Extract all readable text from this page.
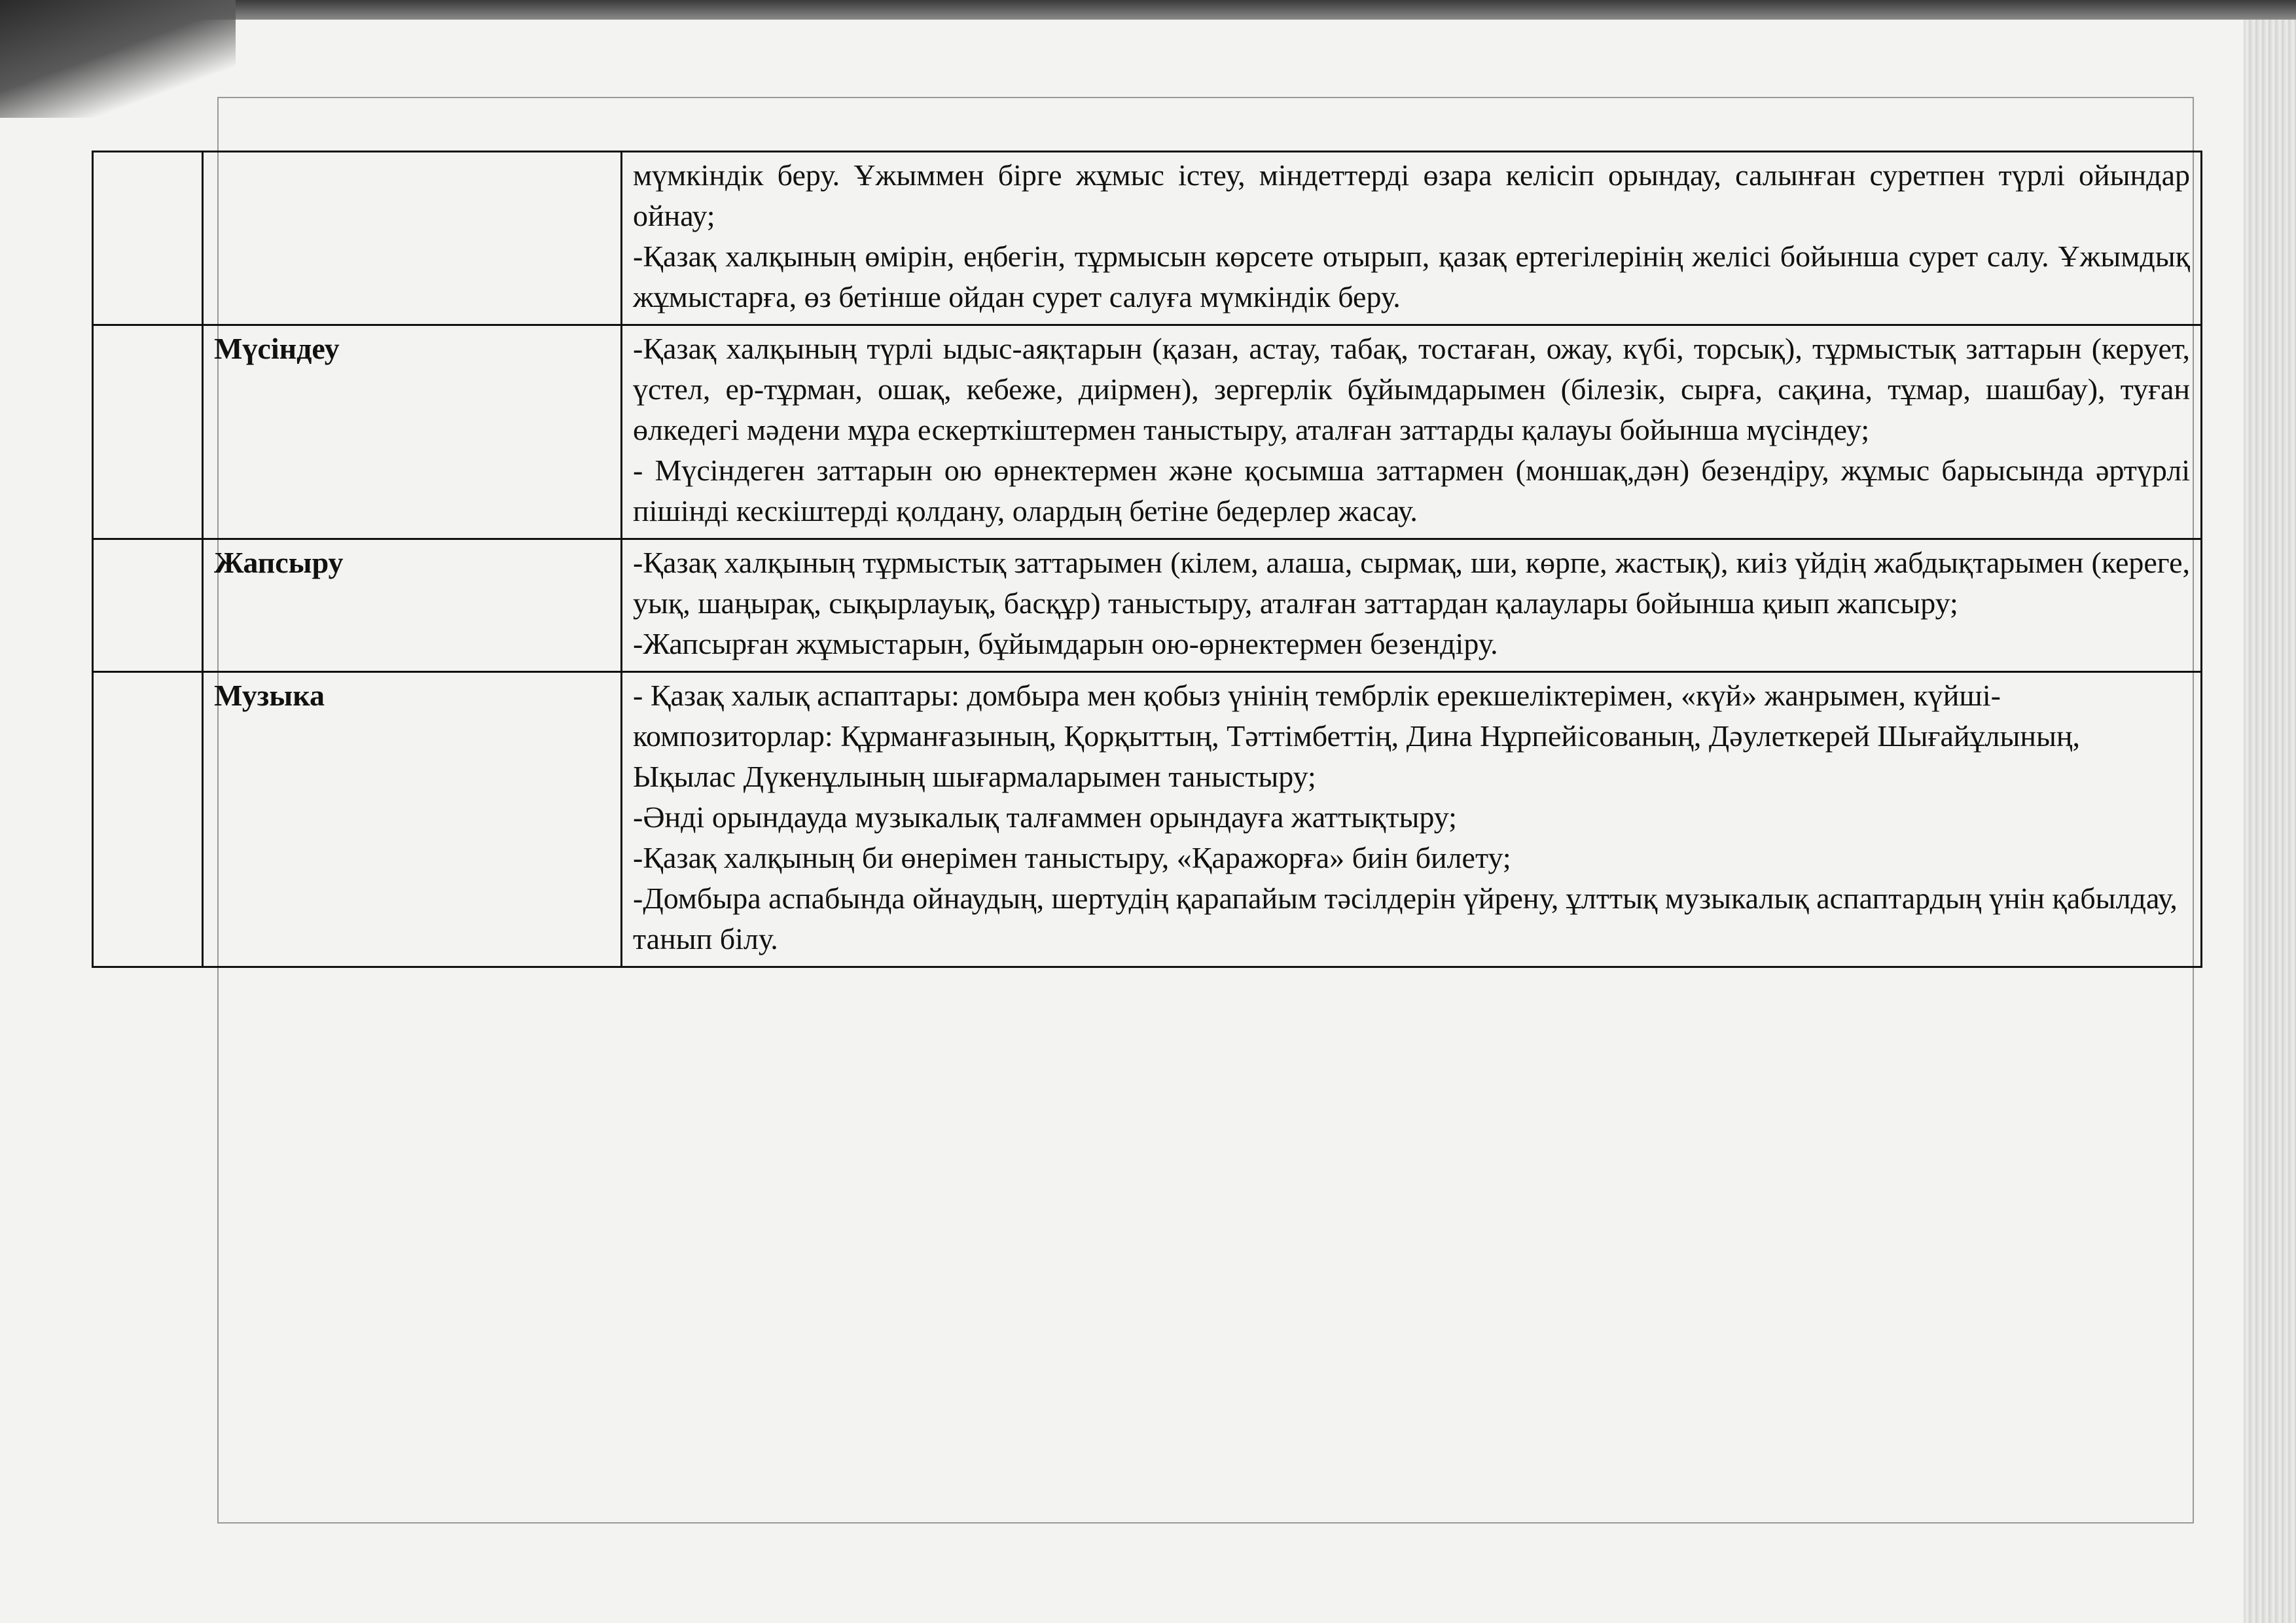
		мүмкіндік беру. Ұжыммен бірге жұмыс істеу, міндеттерді өзара келісіп орындау, салынған суретпен түрлі ойындар ойнау;
-Қазақ халқының өмірін, еңбегін, тұрмысын көрсете отырып, қазақ ертегілерінің желісі бойынша сурет салу. Ұжымдық жұмыстарға, өз бетінше ойдан сурет салуға мүмкіндік беру.

	Мүсіндеу	-Қазақ халқының түрлі ыдыс-аяқтарын (қазан, астау, табақ, тостаған, ожау, күбі, торсық), тұрмыстық заттарын (керует, үстел, ер-тұрман, ошақ, кебеже, диірмен), зергерлік бұйымдарымен (білезік, сырға, сақина, тұмар, шашбау), туған өлкедегі мәдени мұра ескерткіштермен таныстыру, аталған заттарды қалауы бойынша мүсіндеу;
- Мүсіндеген заттарын ою өрнектермен және қосымша заттармен (моншақ,дән) безендіру, жұмыс барысында әртүрлі пішінді кескіштерді қолдану, олардың бетіне бедерлер жасау.

	Жапсыру	-Қазақ халқының тұрмыстық заттарымен (кілем, алаша, сырмақ, ши, көрпе, жастық), киіз үйдің жабдықтарымен (кереге, уық, шаңырақ, сықырлауық, басқұр) таныстыру, аталған заттардан қалаулары бойынша қиып жапсыру;
-Жапсырған жұмыстарын, бұйымдарын ою-өрнектермен безендіру.

	Музыка	- Қазақ халық аспаптары: домбыра мен қобыз үнінің тембрлік ерекшеліктерімен, «күй» жанрымен, күйші-композиторлар: Құрманғазының, Қорқыттың, Тәттімбеттің, Дина Нұрпейісованың, Дәулеткерей Шығайұлының, Ықылас Дүкенұлының шығармаларымен таныстыру;
-Әнді орындауда музыкалық талғаммен орындауға жаттықтыру;
-Қазақ халқының би өнерімен таныстыру, «Қаражорға» биін билету;
-Домбыра аспабында ойнаудың, шертудің қарапайым тәсілдерін үйрену, ұлттық музыкалық аспаптардың үнін қабылдау, танып білу.
